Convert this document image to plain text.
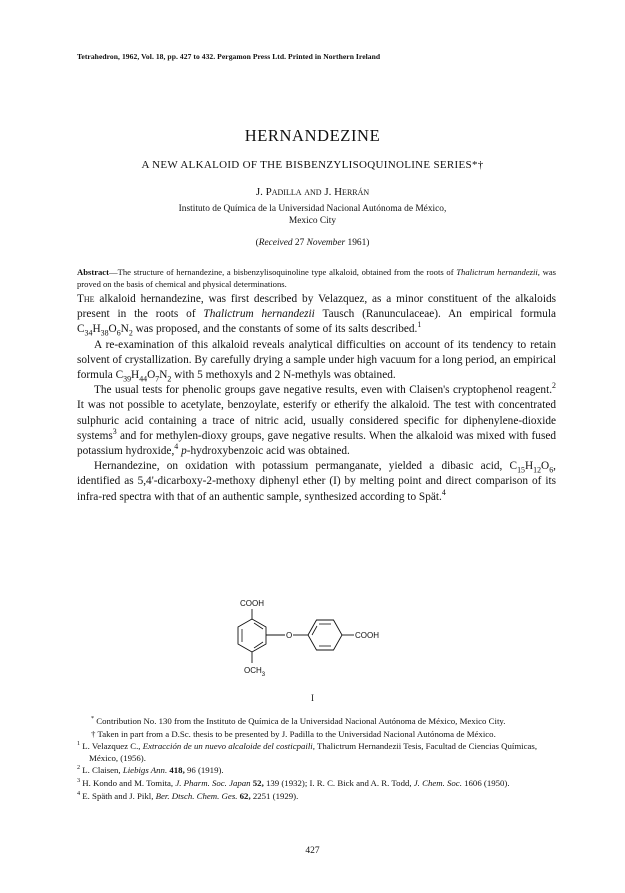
Tetrahedron, 1962, Vol. 18, pp. 427 to 432. Pergamon Press Ltd. Printed in Northern Ireland
HERNANDEZINE
A NEW ALKALOID OF THE BISBENZYLISOQUINOLINE SERIES*†
J. Padilla and J. Herrán
Instituto de Química de la Universidad Nacional Autónoma de México,
Mexico City
(Received 27 November 1961)
Abstract—The structure of hernandezine, a bisbenzylisoquinoline type alkaloid, obtained from the roots of Thalictrum hernandezii, was proved on the basis of chemical and physical determinations.

The alkaloid hernandezine, was first described by Velazquez, as a minor constituent of the alkaloids present in the roots of Thalictrum hernandezii Tausch (Ranunculaceae). An empirical formula $C_{34}H_{38}O_6N_2$ was proposed, and the constants of some of its salts described.$^1$

A re-examination of this alkaloid reveals analytical difficulties on account of its tendency to retain solvent of crystallization. By carefully drying a sample under high vacuum for a long period, an empirical formula $C_{39}H_{44}O_7N_2$ with 5 methoxyls and 2 N-methyls was obtained.

The usual tests for phenolic groups gave negative results, even with Claisen's cryptophenol reagent.$^2$ It was not possible to acetylate, benzoylate, esterify or etherify the alkaloid. The test with concentrated sulphuric acid containing a trace of nitric acid, usually considered specific for diphenylene-dioxide systems$^3$ and for methylen-dioxy groups, gave negative results. When the alkaloid was mixed with fused potassium hydroxide,$^4$ p-hydroxybenzoic acid was obtained.

Hernandezine, on oxidation with potassium permanganate, yielded a dibasic acid, $C_{15}H_{12}O_6$, identified as 5,4'-dicarboxy-2-methoxy diphenyl ether (I) by melting point and direct comparison of its infra-red spectra with that of an authentic sample, synthesized according to Spät.$^4$

COOH
O	COOH
$OCH_3$
I
* Contribution No. 130 from the Instituto de Química de la Universidad Nacional Autónoma de México, Mexico City.
† Taken in part from a D.Sc. thesis to be presented by J. Padilla to the Universidad Nacional Autónoma de México.
$^1$ L. Velazquez C., Extracción de un nuevo alcaloide del costicpaili, Thalictrum Hernandezii Tesis, Facultad de Ciencias Químicas, México, (1956).
$^2$ L. Claisen, Liebigs Ann. 418, 96 (1919).
$^3$ H. Kondo and M. Tomita, J. Pharm. Soc. Japan 52, 139 (1932); I. R. C. Bick and A. R. Todd, J. Chem. Soc. 1606 (1950).
$^4$ E. Späth and J. Pikl, Ber. Dtsch. Chem. Ges. 62, 2251 (1929).
427
